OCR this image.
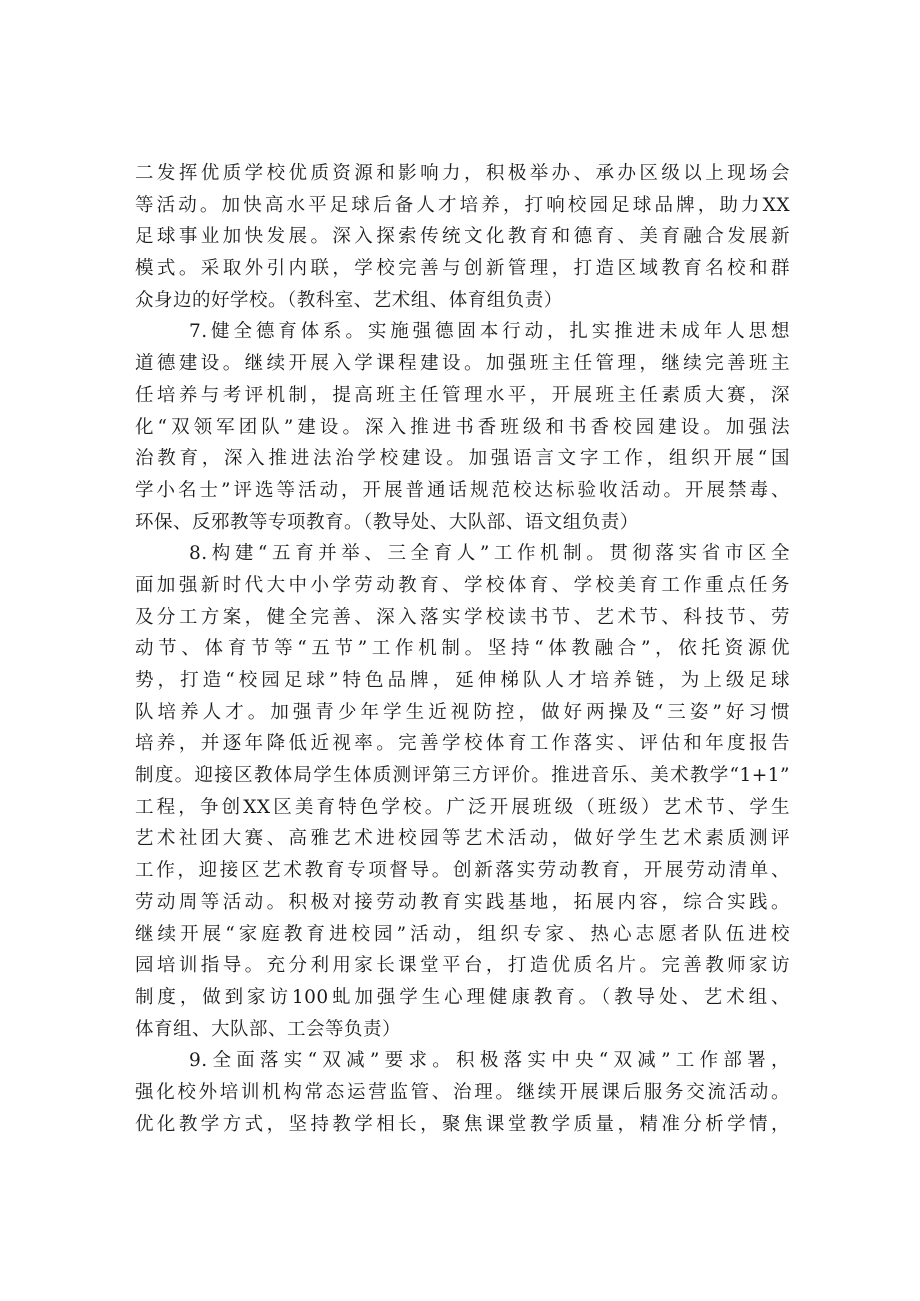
二发挥优质学校优质资源和影响力，积极举办、承办区级以上现场会
等活动。加快高水平足球后备人才培养，打响校园足球品牌，助力XX
足球事业加快发展。深入探索传统文化教育和德育、美育融合发展新
模式。采取外引内联，学校完善与创新管理，打造区域教育名校和群
众身边的好学校。（教科室、艺术组、体育组负责）
7.健全德育体系。实施强德固本行动，扎实推进未成年人思想
道德建设。继续开展入学课程建设。加强班主任管理，继续完善班主
任培养与考评机制，提高班主任管理水平，开展班主任素质大赛，深
化“双领军团队”建设。深入推进书香班级和书香校园建设。加强法
治教育，深入推进法治学校建设。加强语言文字工作，组织开展“国
学小名士”评选等活动，开展普通话规范校达标验收活动。开展禁毒、
环保、反邪教等专项教育。（教导处、大队部、语文组负责）
8.构建“五育并举、三全育人”工作机制。贯彻落实省市区全
面加强新时代大中小学劳动教育、学校体育、学校美育工作重点任务
及分工方案，健全完善、深入落实学校读书节、艺术节、科技节、劳
动节、体育节等“五节”工作机制。坚持“体教融合”，依托资源优
势，打造“校园足球”特色品牌，延伸梯队人才培养链，为上级足球
队培养人才。加强青少年学生近视防控，做好两操及“三姿”好习惯
培养，并逐年降低近视率。完善学校体育工作落实、评估和年度报告
制度。迎接区教体局学生体质测评第三方评价。推进音乐、美术教学“1+1”
工程，争创XX区美育特色学校。广泛开展班级（班级）艺术节、学生
艺术社团大赛、高雅艺术进校园等艺术活动，做好学生艺术素质测评
工作，迎接区艺术教育专项督导。创新落实劳动教育，开展劳动清单、
劳动周等活动。积极对接劳动教育实践基地，拓展内容，综合实践。
继续开展“家庭教育进校园”活动，组织专家、热心志愿者队伍进校
园培训指导。充分利用家长课堂平台，打造优质名片。完善教师家访
制度，做到家访100虬加强学生心理健康教育。（教导处、艺术组、
体育组、大队部、工会等负责）
9.全面落实“双减”要求。积极落实中央“双减”工作部署，
强化校外培训机构常态运营监管、治理。继续开展课后服务交流活动。
优化教学方式，坚持教学相长，聚焦课堂教学质量，精准分析学情，
